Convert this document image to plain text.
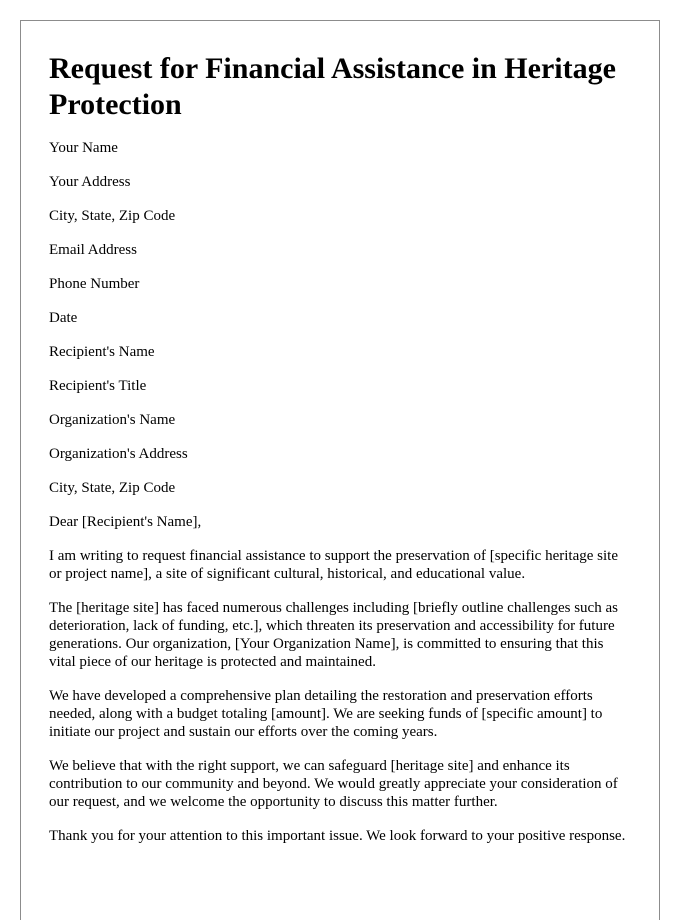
Request for Financial Assistance in Heritage Protection

Your Name

Your Address

City, State, Zip Code

Email Address

Phone Number

Date

Recipient's Name

Recipient's Title

Organization's Name

Organization's Address

City, State, Zip Code

Dear [Recipient's Name],

I am writing to request financial assistance to support the preservation of [specific heritage site or project name], a site of significant cultural, historical, and educational value.

The [heritage site] has faced numerous challenges including [briefly outline challenges such as deterioration, lack of funding, etc.], which threaten its preservation and accessibility for future generations. Our organization, [Your Organization Name], is committed to ensuring that this vital piece of our heritage is protected and maintained.

We have developed a comprehensive plan detailing the restoration and preservation efforts needed, along with a budget totaling [amount]. We are seeking funds of [specific amount] to initiate our project and sustain our efforts over the coming years.

We believe that with the right support, we can safeguard [heritage site] and enhance its contribution to our community and beyond. We would greatly appreciate your consideration of our request, and we welcome the opportunity to discuss this matter further.

Thank you for your attention to this important issue. We look forward to your positive response.
